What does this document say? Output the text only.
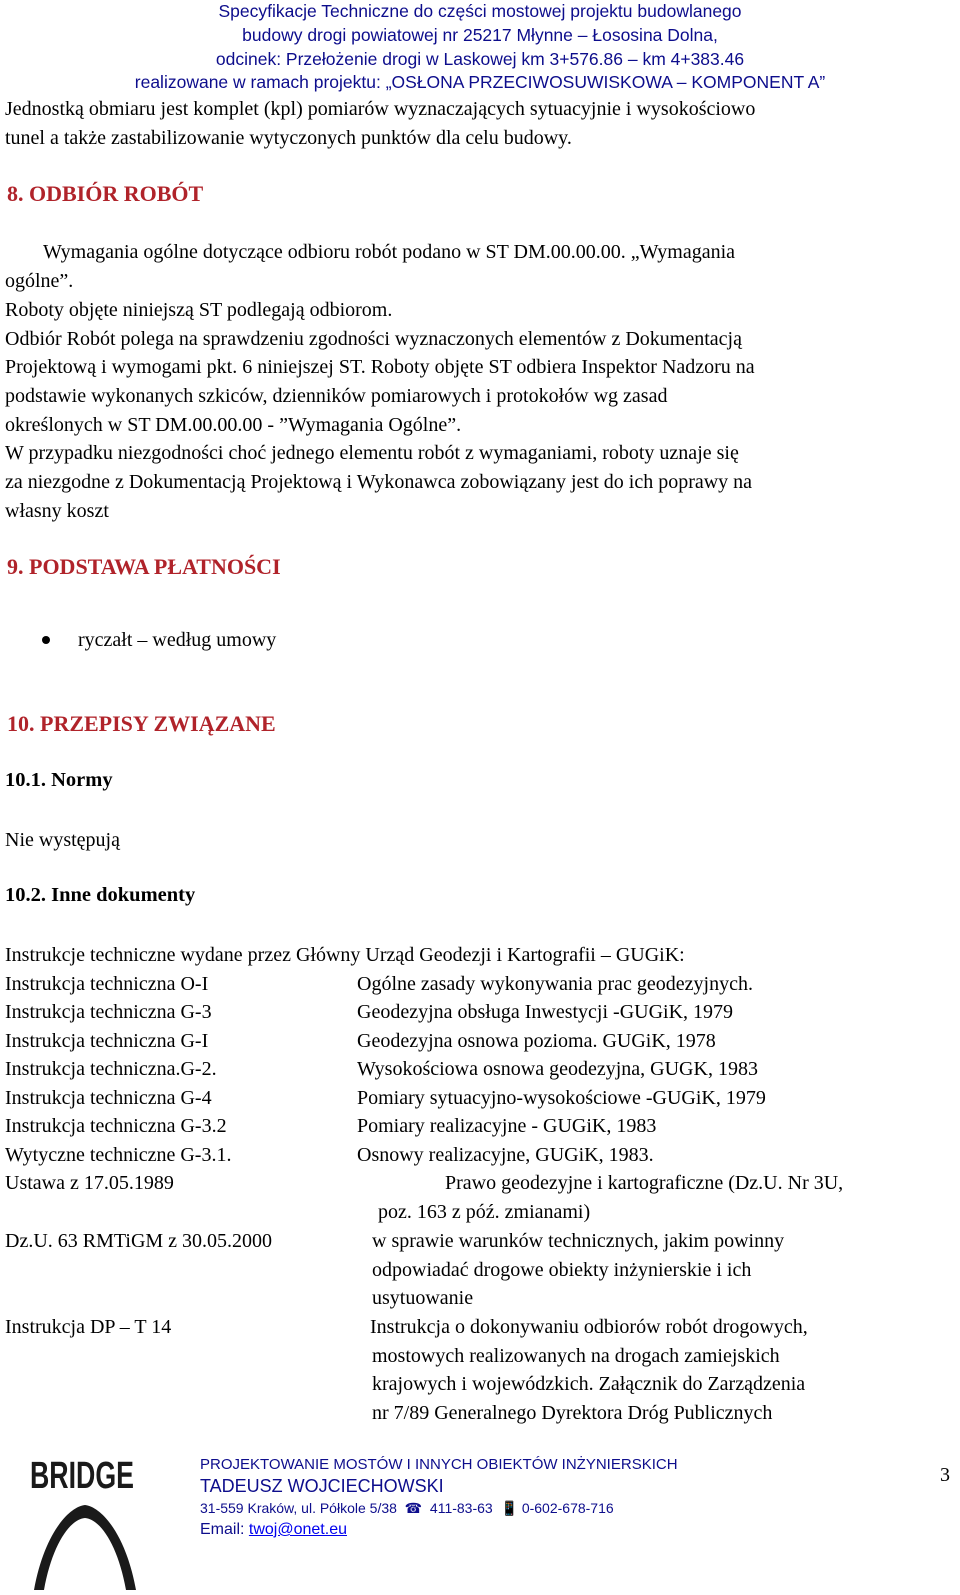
Specyfikacje Techniczne do części mostowej projektu budowlanego
budowy drogi powiatowej nr 25217 Młynne – Łososina Dolna,
odcinek: Przełożenie drogi w Laskowej km 3+576.86 – km 4+383.46
realizowane w ramach projektu: „OSŁONA PRZECIWOSUWISKOWA – KOMPONENT A”
Jednostką obmiaru jest komplet (kpl) pomiarów wyznaczających sytuacyjnie i wysokościowo
tunel a także zastabilizowanie wytyczonych punktów dla celu budowy.
8. ODBIÓR ROBÓT
Wymagania ogólne dotyczące odbioru robót podano w ST DM.00.00.00. „Wymagania
ogólne”.
Roboty objęte niniejszą ST podlegają odbiorom.
Odbiór Robót polega na sprawdzeniu zgodności wyznaczonych elementów z Dokumentacją
Projektową i wymogami pkt. 6 niniejszej ST. Roboty objęte ST odbiera Inspektor Nadzoru na
podstawie wykonanych szkiców, dzienników pomiarowych i protokołów wg zasad
określonych w ST DM.00.00.00 - ”Wymagania Ogólne”.
W przypadku niezgodności choć jednego elementu robót z wymaganiami, roboty uznaje się
za niezgodne z Dokumentacją Projektową i Wykonawca zobowiązany jest do ich poprawy na
własny koszt
9. PODSTAWA PŁATNOŚCI
ryczałt – według umowy
10. PRZEPISY ZWIĄZANE
10.1. Normy
Nie występują
10.2. Inne dokumenty
Instrukcje techniczne wydane przez Główny Urząd Geodezji i Kartografii – GUGiK:
Instrukcja techniczna O-I	Ogólne zasady wykonywania prac geodezyjnych.
Instrukcja techniczna G-3	Geodezyjna obsługa Inwestycji -GUGiK, 1979
Instrukcja techniczna G-I	Geodezyjna osnowa pozioma. GUGiK, 1978
Instrukcja techniczna.G-2.	Wysokościowa osnowa geodezyjna, GUGK, 1983
Instrukcja techniczna G-4	Pomiary sytuacyjno-wysokościowe -GUGiK, 1979
Instrukcja techniczna G-3.2	Pomiary realizacyjne - GUGiK, 1983
Wytyczne techniczne G-3.1.	Osnowy realizacyjne, GUGiK, 1983.
Ustawa z 17.05.1989	Prawo geodezyjne i kartograficzne (Dz.U. Nr 3U,
poz. 163 z póź. zmianami)
Dz.U. 63 RMTiGM z 30.05.2000	w sprawie warunków technicznych, jakim powinny
odpowiadać drogowe obiekty inżynierskie i ich
usytuowanie
Instrukcja DP – T 14	Instrukcja o dokonywaniu odbiorów robót drogowych,
mostowych realizowanych na drogach zamiejskich
krajowych i wojewódzkich. Załącznik do Zarządzenia
nr 7/89 Generalnego Dyrektora Dróg Publicznych
BRIDGE	PROJEKTOWANIE MOSTÓW I INNYCH OBIEKTÓW INŻYNIERSKICH
TADEUSZ WOJCIECHOWSKI
31-559 Kraków, ul. Półkole 5/38  ☎  411-83-63  📱 0-602-678-716
Email: twoj@onet.eu
3
